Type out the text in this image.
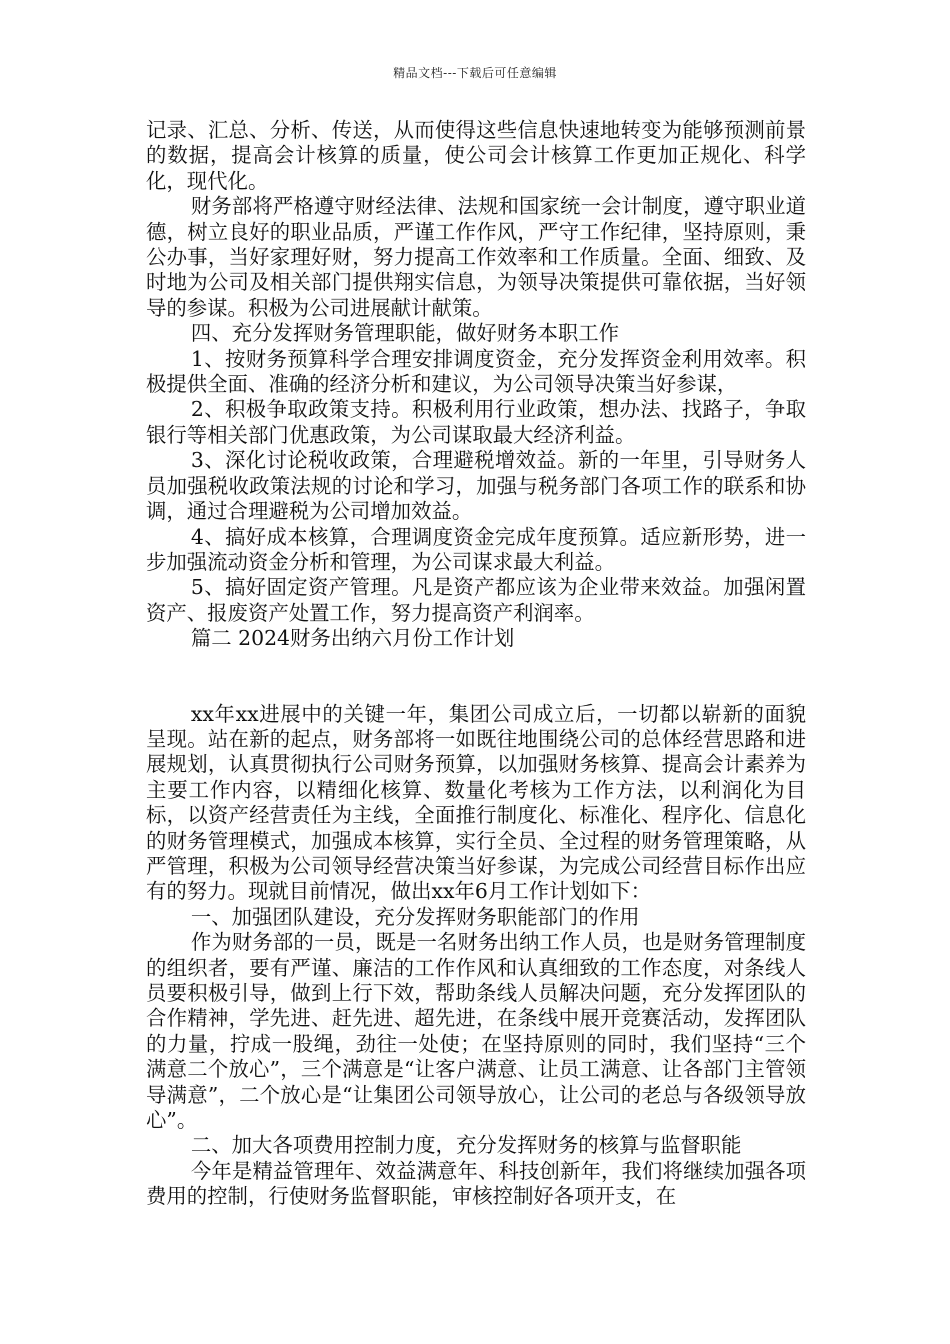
精品文档---下载后可任意编辑

记录、汇总、分析、传送，从而使得这些信息快速地转变为能够预测前景的数据，提高会计核算的质量，使公司会计核算工作更加正规化、科学化，现代化。

财务部将严格遵守财经法律、法规和国家统一会计制度，遵守职业道德，树立良好的职业品质，严谨工作作风，严守工作纪律，坚持原则，秉公办事，当好家理好财，努力提高工作效率和工作质量。全面、细致、及时地为公司及相关部门提供翔实信息，为领导决策提供可靠依据，当好领导的参谋。积极为公司进展献计献策。

四、充分发挥财务管理职能，做好财务本职工作

1、按财务预算科学合理安排调度资金，充分发挥资金利用效率。积极提供全面、准确的经济分析和建议，为公司领导决策当好参谋，

2、积极争取政策支持。积极利用行业政策，想办法、找路子，争取银行等相关部门优惠政策，为公司谋取最大经济利益。

3、深化讨论税收政策，合理避税增效益。新的一年里，引导财务人员加强税收政策法规的讨论和学习，加强与税务部门各项工作的联系和协调，通过合理避税为公司增加效益。

4、搞好成本核算，合理调度资金完成年度预算。适应新形势，进一步加强流动资金分析和管理，为公司谋求最大利益。

5、搞好固定资产管理。凡是资产都应该为企业带来效益。加强闲置资产、报废资产处置工作，努力提高资产利润率。

篇二 2024财务出纳六月份工作计划

xx年xx进展中的关键一年，集团公司成立后，一切都以崭新的面貌呈现。站在新的起点，财务部将一如既往地围绕公司的总体经营思路和进展规划，认真贯彻执行公司财务预算，以加强财务核算、提高会计素养为主要工作内容，以精细化核算、数量化考核为工作方法，以利润化为目标，以资产经营责任为主线，全面推行制度化、标准化、程序化、信息化的财务管理模式，加强成本核算，实行全员、全过程的财务管理策略，从严管理，积极为公司领导经营决策当好参谋，为完成公司经营目标作出应有的努力。现就目前情况，做出xx年6月工作计划如下：

一、加强团队建设，充分发挥财务职能部门的作用

作为财务部的一员，既是一名财务出纳工作人员，也是财务管理制度的组织者，要有严谨、廉洁的工作作风和认真细致的工作态度，对条线人员要积极引导，做到上行下效，帮助条线人员解决问题，充分发挥团队的合作精神，学先进、赶先进、超先进，在条线中展开竞赛活动，发挥团队的力量，拧成一股绳，劲往一处使；在坚持原则的同时，我们坚持“三个满意二个放心”，三个满意是“让客户满意、让员工满意、让各部门主管领导满意”，二个放心是“让集团公司领导放心，让公司的老总与各级领导放心”。

二、加大各项费用控制力度，充分发挥财务的核算与监督职能

今年是精益管理年、效益满意年、科技创新年，我们将继续加强各项费用的控制，行使财务监督职能，审核控制好各项开支，在
